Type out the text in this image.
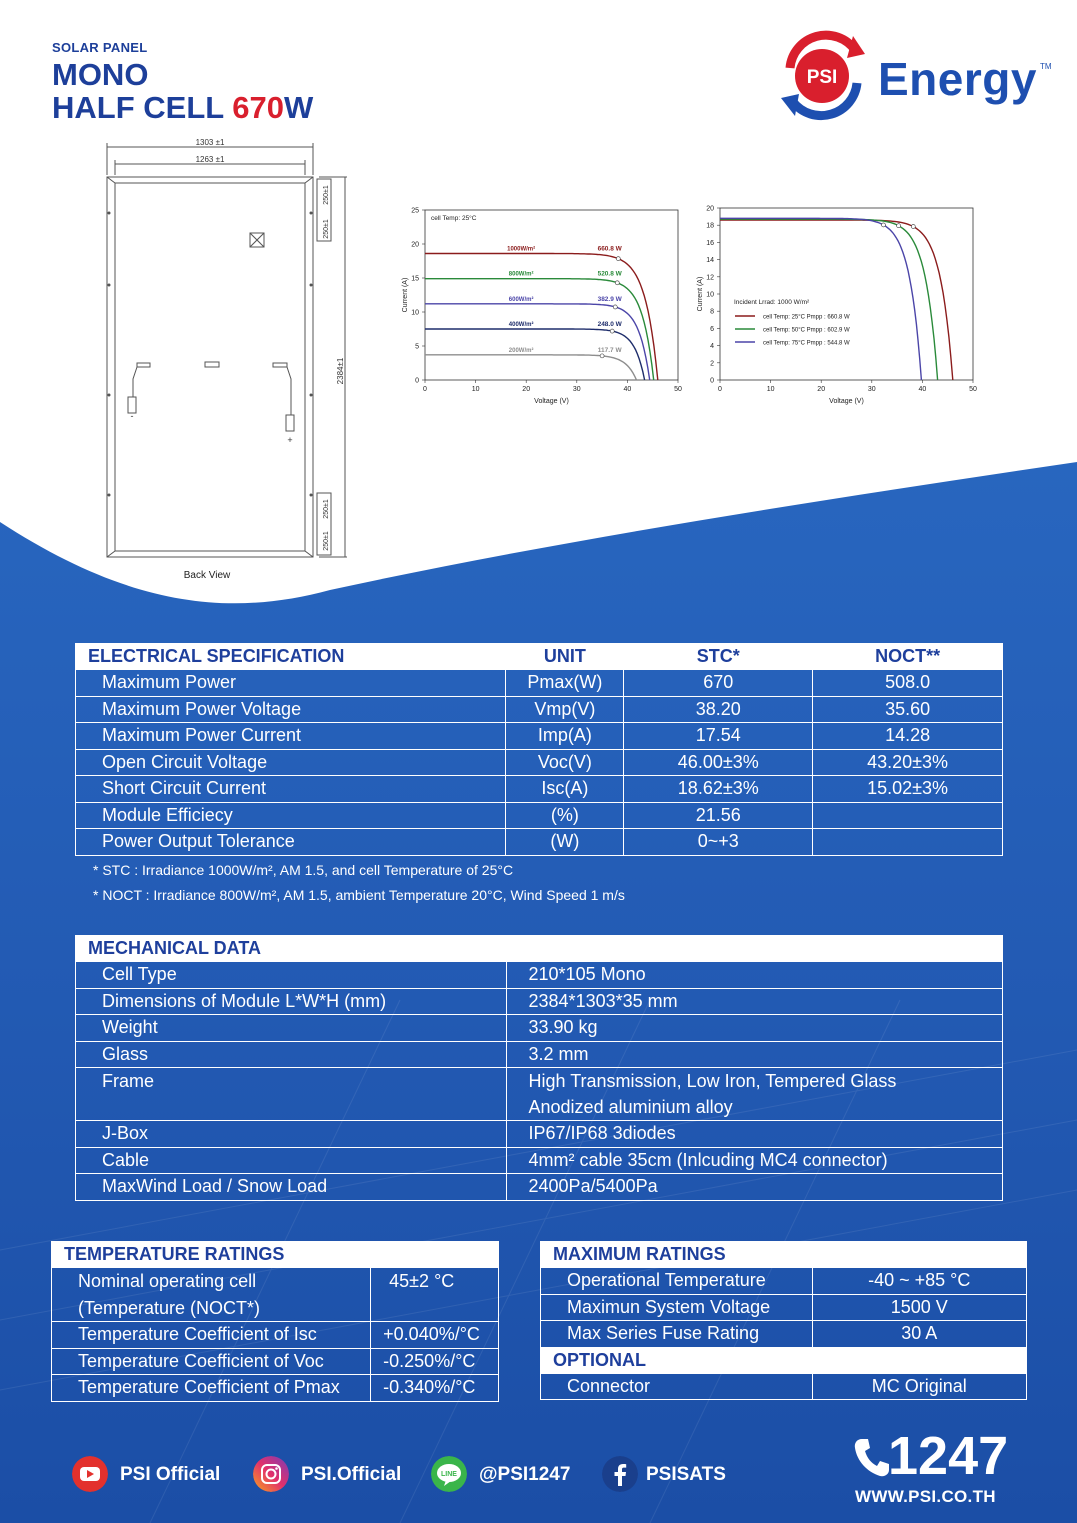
SOLAR PANEL
MONO
HALF CELL 670W
PSI Energy TM
1303 ±1
1263 ±1
2384±1
250±1
250±1
250±1
250±1
-
+
Back View
0	10	20	30	40	50
0
5
10
15
20
25
Voltage (V)
Current (A)
1000W/m²	660.8 W
800W/m²	520.8 W
600W/m²	382.9 W
400W/m²	248.0 W
200W/m²	117.7 W
cell Temp: 25°C
0	10	20	30	40	50
0
2
4
6
8
10
12
14
16
18
20
Voltage (V)
Current (A)	Incident Lrrad: 1000 W/m²
cell Temp: 25°C Pmpp : 660.8 W
cell Temp: 50°C Pmpp : 602.9 W
cell Temp: 75°C Pmpp : 544.8 W
ELECTRICAL SPECIFICATION	UNIT	STC*	NOCT**
Maximum Power	Pmax(W)	670	508.0
Maximum Power Voltage	Vmp(V)	38.20	35.60
Maximum Power Current	Imp(A)	17.54	14.28
Open Circuit Voltage	Voc(V)	46.00±3%	43.20±3%
Short Circuit Current	Isc(A)	18.62±3%	15.02±3%
Module Efficiecy	(%)	21.56	
Power Output Tolerance	(W)	0~+3	
* STC : Irradiance 1000W/m², AM 1.5, and cell Temperature of 25°C
* NOCT : Irradiance 800W/m², AM 1.5, ambient Temperature 20°C, Wind Speed 1 m/s
MECHANICAL DATA	
Cell Type	210*105 Mono
Dimensions of Module L*W*H (mm)	2384*1303*35 mm
Weight	33.90 kg
Glass	3.2 mm
Frame	High Transmission, Low Iron, Tempered Glass
	Anodized aluminium alloy
J-Box	IP67/IP68 3diodes
Cable	4mm² cable 35cm (Inlcuding MC4 connector)
MaxWind Load / Snow Load	2400Pa/5400Pa
TEMPERATURE RATINGS	

Nominal operating cell
(Temperature (NOCT*)	45±2 °C
Temperature Coefficient of Isc	+0.040%/°C
Temperature Coefficient of Voc	-0.250%/°C
Temperature Coefficient of Pmax	-0.340%/°C
MAXIMUM RATINGS	
Operational Temperature	-40 ~ +85 °C
Maximun System Voltage	1500 V
Max Series Fuse Rating	30 A
OPTIONAL	
Connector	MC Original
PSI Official	PSI.Official	LINE @PSI1247	PSISATS	1247
WWW.PSI.CO.TH
